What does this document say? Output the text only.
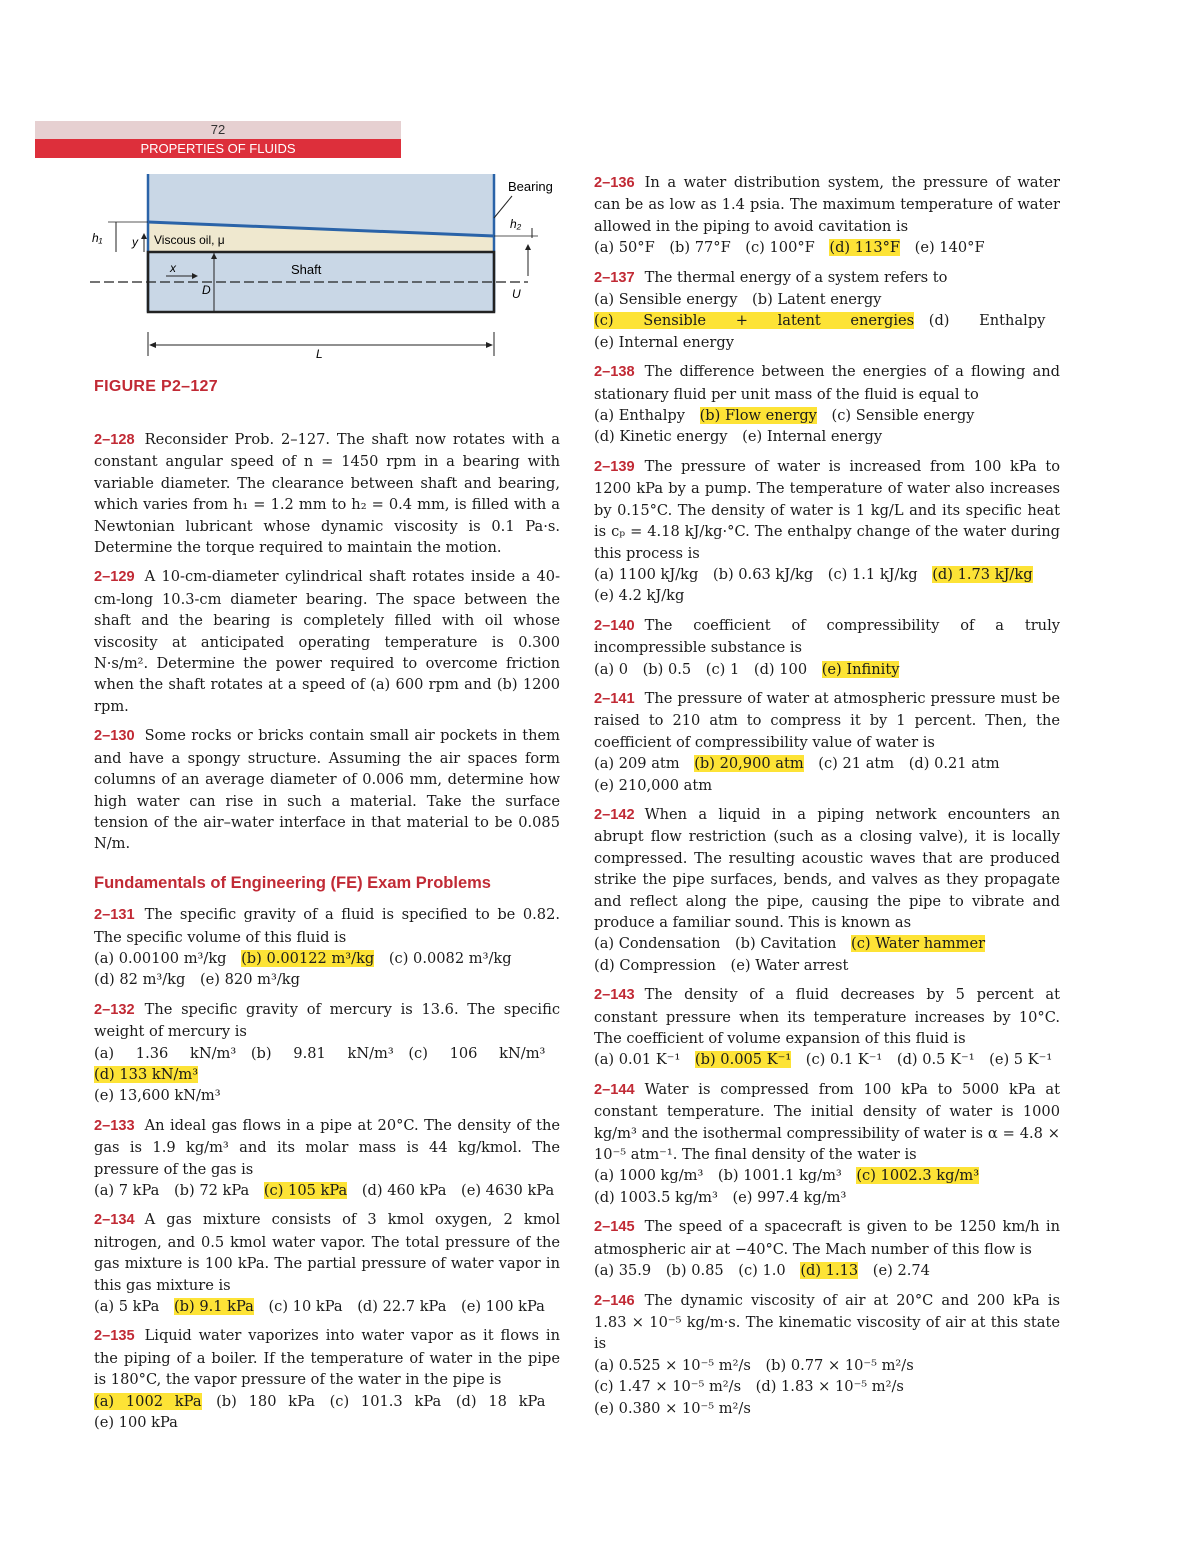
72
PROPERTIES OF FLUIDS
h₁ y Viscous oil, μ
x	Shaft
D	U
Bearing
h₂
L
FIGURE P2–127

2–128 Reconsider Prob. 2–127. The shaft now rotates with a constant angular speed of n = 1450 rpm in a bearing with variable diameter. The clearance between shaft and bearing, which varies from h₁ = 1.2 mm to h₂ = 0.4 mm, is filled with a Newtonian lubricant whose dynamic viscosity is 0.1 Pa·s. Determine the torque required to maintain the motion.

2–129 A 10-cm-diameter cylindrical shaft rotates inside a 40-cm-long 10.3-cm diameter bearing. The space between the shaft and the bearing is completely filled with oil whose viscosity at anticipated operating temperature is 0.300 N·s/m². Determine the power required to overcome friction when the shaft rotates at a speed of (a) 600 rpm and (b) 1200 rpm.

2–130 Some rocks or bricks contain small air pockets in them and have a spongy structure. Assuming the air spaces form columns of an average diameter of 0.006 mm, determine how high water can rise in such a material. Take the surface tension of the air–water interface in that material to be 0.085 N/m.

Fundamentals of Engineering (FE) Exam Problems

2–131 The specific gravity of a fluid is specified to be 0.82. The specific volume of this fluid is

(a) 0.00100 m³/kg  (b) 0.00122 m³/kg  (c) 0.0082 m³/kg

(d) 82 m³/kg  (e) 820 m³/kg

2–132 The specific gravity of mercury is 13.6. The specific weight of mercury is

(a) 1.36 kN/m³  (b) 9.81 kN/m³  (c) 106 kN/m³ (d) 133 kN/m³

(e) 13,600 kN/m³

2–133 An ideal gas flows in a pipe at 20°C. The density of the gas is 1.9 kg/m³ and its molar mass is 44 kg/kmol. The pressure of the gas is

(a) 7 kPa  (b) 72 kPa  (c) 105 kPa  (d) 460 kPa  (e) 4630 kPa

2–134 A gas mixture consists of 3 kmol oxygen, 2 kmol nitrogen, and 0.5 kmol water vapor. The total pressure of the gas mixture is 100 kPa. The partial pressure of water vapor in this gas mixture is

(a) 5 kPa  (b) 9.1 kPa  (c) 10 kPa  (d) 22.7 kPa  (e) 100 kPa

2–135 Liquid water vaporizes into water vapor as it flows in the piping of a boiler. If the temperature of water in the pipe is 180°C, the vapor pressure of the water in the pipe is

(a) 1002 kPa  (b) 180 kPa  (c) 101.3 kPa  (d) 18 kPa (e) 100 kPa

2–136 In a water distribution system, the pressure of water can be as low as 1.4 psia. The maximum temperature of water allowed in the piping to avoid cavitation is

(a) 50°F  (b) 77°F  (c) 100°F  (d) 113°F  (e) 140°F

2–137 The thermal energy of a system refers to

(a) Sensible energy  (b) Latent energy

(c) Sensible + latent energies  (d) Enthalpy (e) Internal energy

2–138 The difference between the energies of a flowing and stationary fluid per unit mass of the fluid is equal to

(a) Enthalpy  (b) Flow energy  (c) Sensible energy

(d) Kinetic energy  (e) Internal energy

2–139 The pressure of water is increased from 100 kPa to 1200 kPa by a pump. The temperature of water also increases by 0.15°C. The density of water is 1 kg/L and its specific heat is cₚ = 4.18 kJ/kg·°C. The enthalpy change of the water during this process is

(a) 1100 kJ/kg  (b) 0.63 kJ/kg  (c) 1.1 kJ/kg  (d) 1.73 kJ/kg

(e) 4.2 kJ/kg

2–140 The coefficient of compressibility of a truly incompressible substance is

(a) 0  (b) 0.5  (c) 1  (d) 100  (e) Infinity

2–141 The pressure of water at atmospheric pressure must be raised to 210 atm to compress it by 1 percent. Then, the coefficient of compressibility value of water is

(a) 209 atm  (b) 20,900 atm  (c) 21 atm  (d) 0.21 atm

(e) 210,000 atm

2–142 When a liquid in a piping network encounters an abrupt flow restriction (such as a closing valve), it is locally compressed. The resulting acoustic waves that are produced strike the pipe surfaces, bends, and valves as they propagate and reflect along the pipe, causing the pipe to vibrate and produce a familiar sound. This is known as

(a) Condensation  (b) Cavitation  (c) Water hammer

(d) Compression  (e) Water arrest

2–143 The density of a fluid decreases by 5 percent at constant pressure when its temperature increases by 10°C. The coefficient of volume expansion of this fluid is

(a) 0.01 K⁻¹  (b) 0.005 K⁻¹  (c) 0.1 K⁻¹  (d) 0.5 K⁻¹  (e) 5 K⁻¹

2–144 Water is compressed from 100 kPa to 5000 kPa at constant temperature. The initial density of water is 1000 kg/m³ and the isothermal compressibility of water is α = 4.8 × 10⁻⁵ atm⁻¹. The final density of the water is

(a) 1000 kg/m³  (b) 1001.1 kg/m³  (c) 1002.3 kg/m³

(d) 1003.5 kg/m³  (e) 997.4 kg/m³

2–145 The speed of a spacecraft is given to be 1250 km/h in atmospheric air at −40°C. The Mach number of this flow is

(a) 35.9  (b) 0.85  (c) 1.0  (d) 1.13  (e) 2.74

2–146 The dynamic viscosity of air at 20°C and 200 kPa is 1.83 × 10⁻⁵ kg/m·s. The kinematic viscosity of air at this state is

(a) 0.525 × 10⁻⁵ m²/s  (b) 0.77 × 10⁻⁵ m²/s

(c) 1.47 × 10⁻⁵ m²/s  (d) 1.83 × 10⁻⁵ m²/s

(e) 0.380 × 10⁻⁵ m²/s
